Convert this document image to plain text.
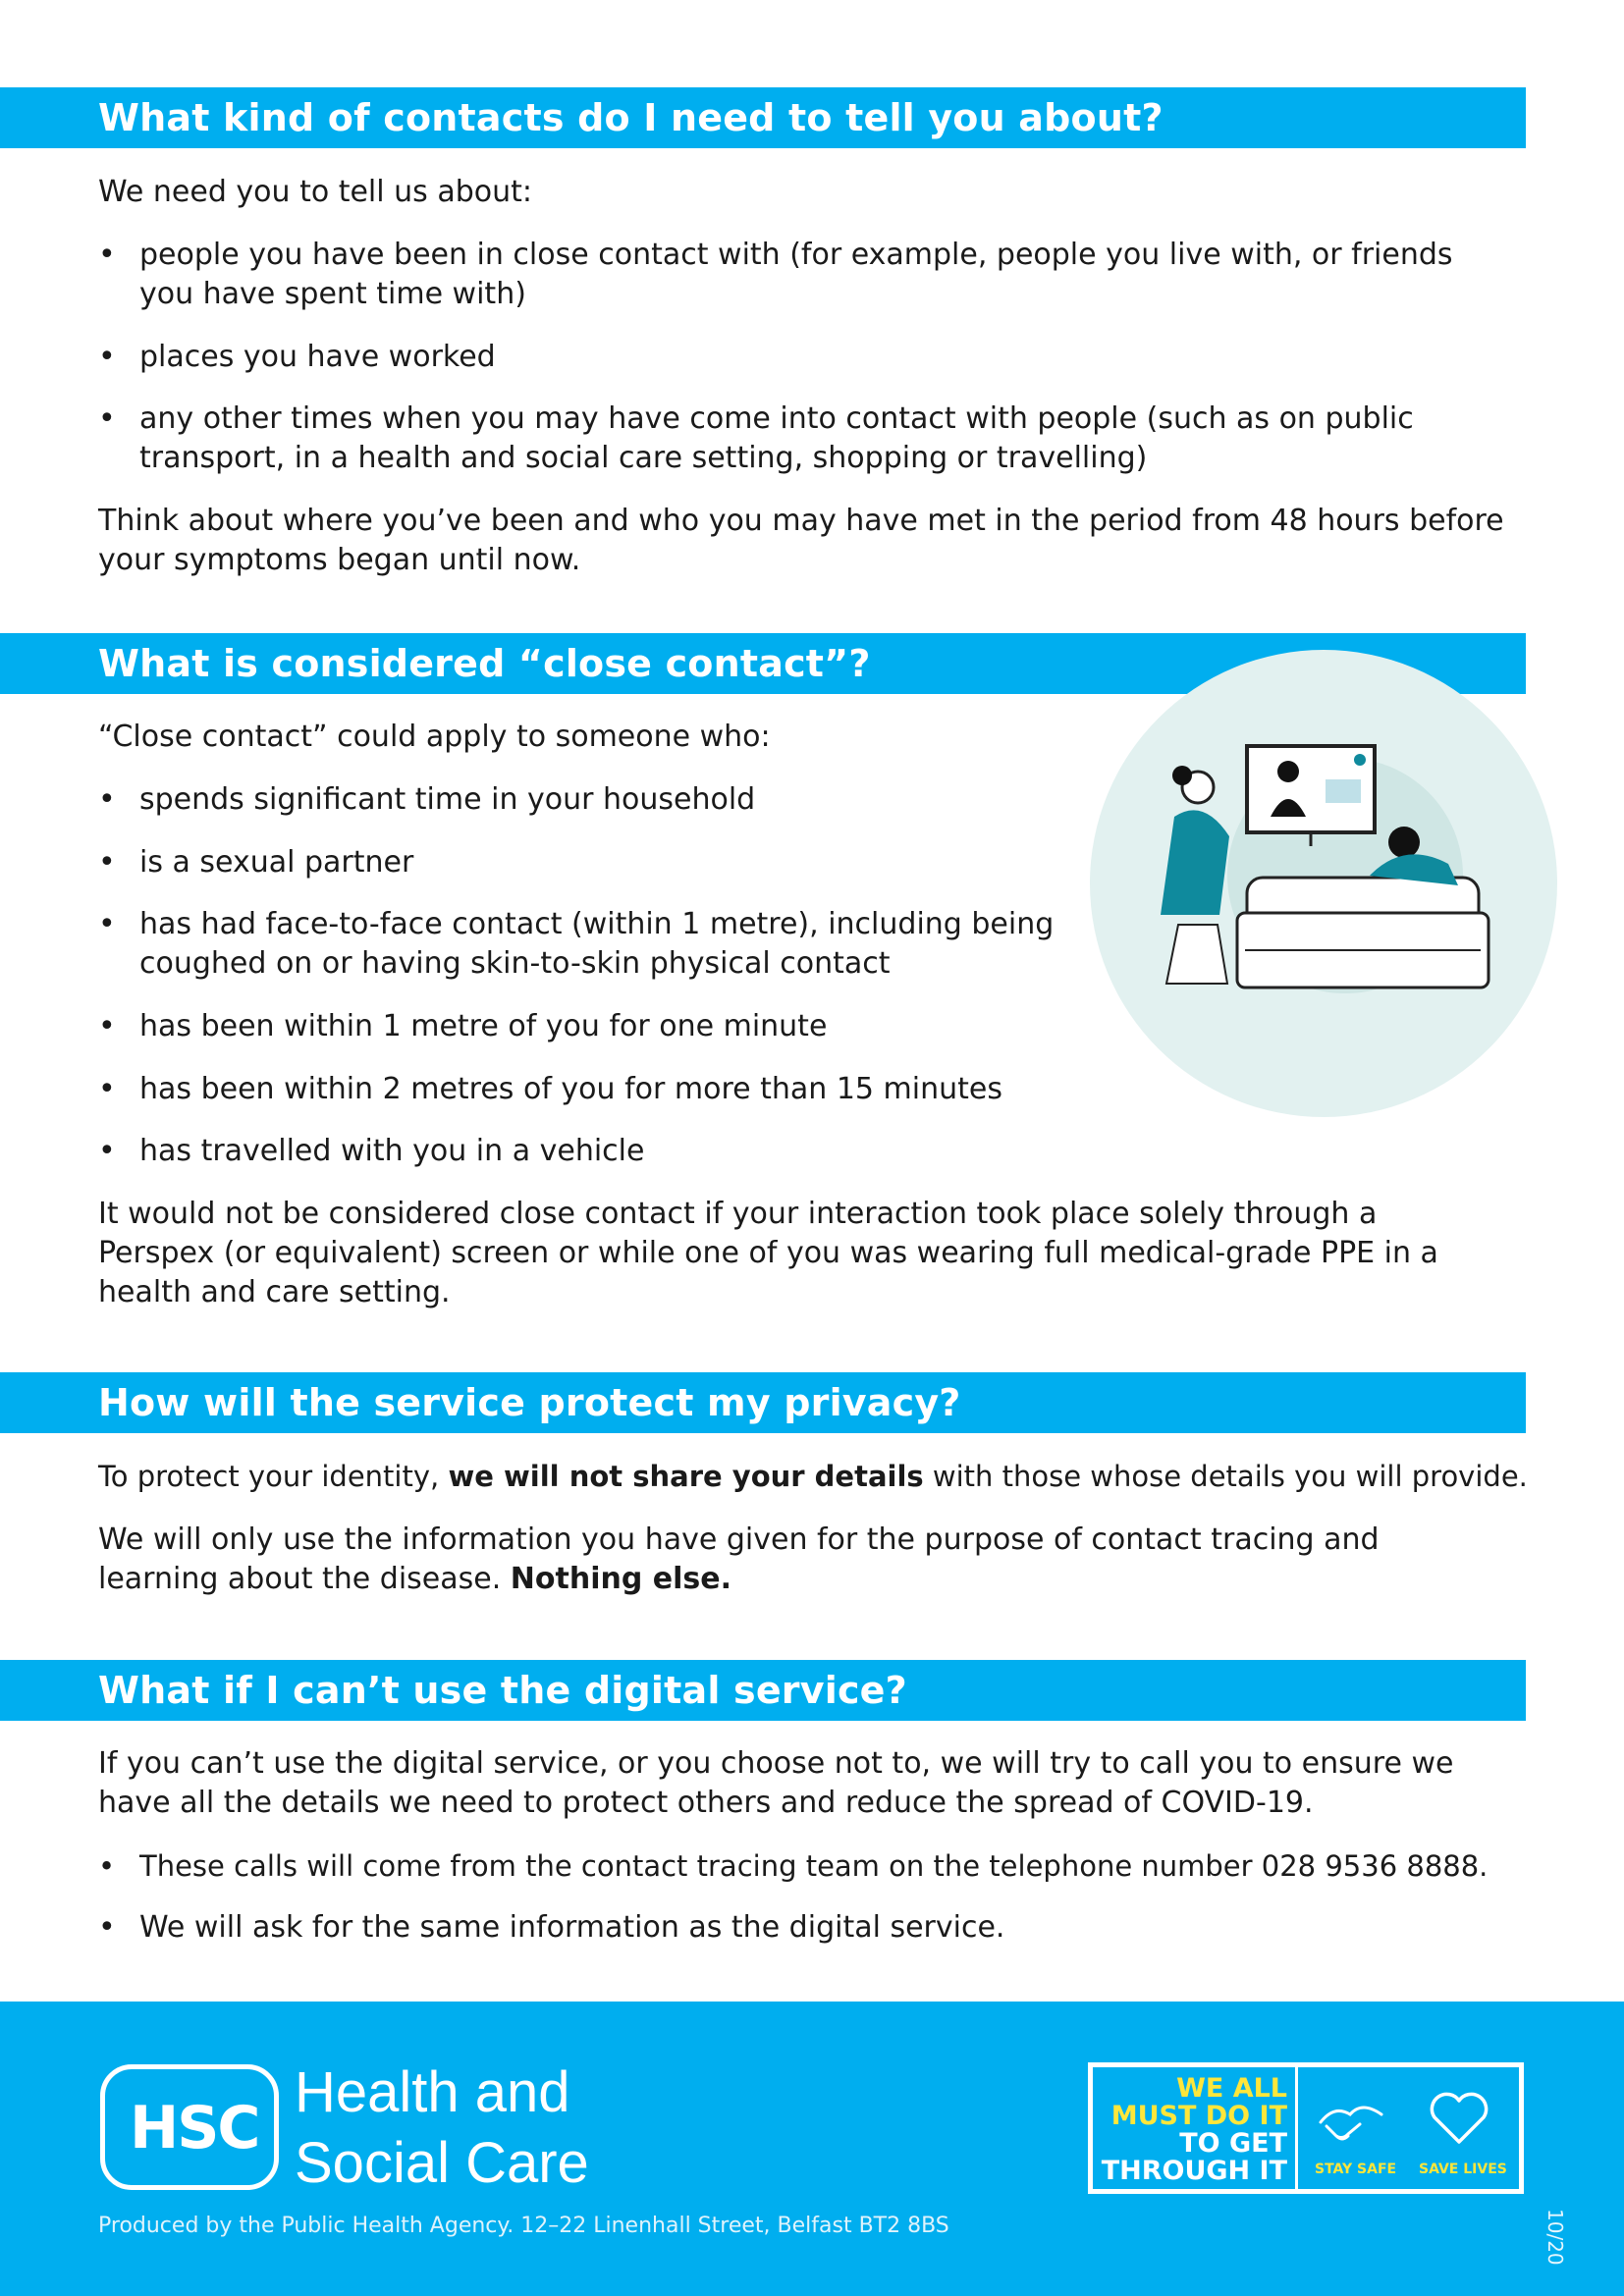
What kind of contacts do I need to tell you about?

We need you to tell us about:

• people you have been in close contact with (for example, people you live with, or friends
you have spent time with)
• places you have worked
• any other times when you may have come into contact with people (such as on public
transport, in a health and social care setting, shopping or travelling)

Think about where you’ve been and who you may have met in the period from 48 hours before

your symptoms began until now.

What is considered “close contact”?

“Close contact” could apply to someone who:

• spends significant time in your household
• is a sexual partner
• has had face-to-face contact (within 1 metre), including being
coughed on or having skin-to-skin physical contact
• has been within 1 metre of you for one minute
• has been within 2 metres of you for more than 15 minutes
• has travelled with you in a vehicle

It would not be considered close contact if your interaction took place solely through a

Perspex (or equivalent) screen or while one of you was wearing full medical-grade PPE in a

health and care setting.

How will the service protect my privacy?

To protect your identity, we will not share your details with those whose details you will provide.

We will only use the information you have given for the purpose of contact tracing and

learning about the disease. Nothing else.

What if I can’t use the digital service?

If you can’t use the digital service, or you choose not to, we will try to call you to ensure we

have all the details we need to protect others and reduce the spread of COVID-19.

• These calls will come from the contact tracing team on the telephone number 028 9536 8888.
• We will ask for the same information as the digital service.
HSC
Health and
Social Care
Produced by the Public Health Agency. 12–22 Linenhall Street, Belfast BT2 8BS
WE ALL
MUST DO IT
TO GET
THROUGH IT STAY SAFE SAVE LIVES
10/20
